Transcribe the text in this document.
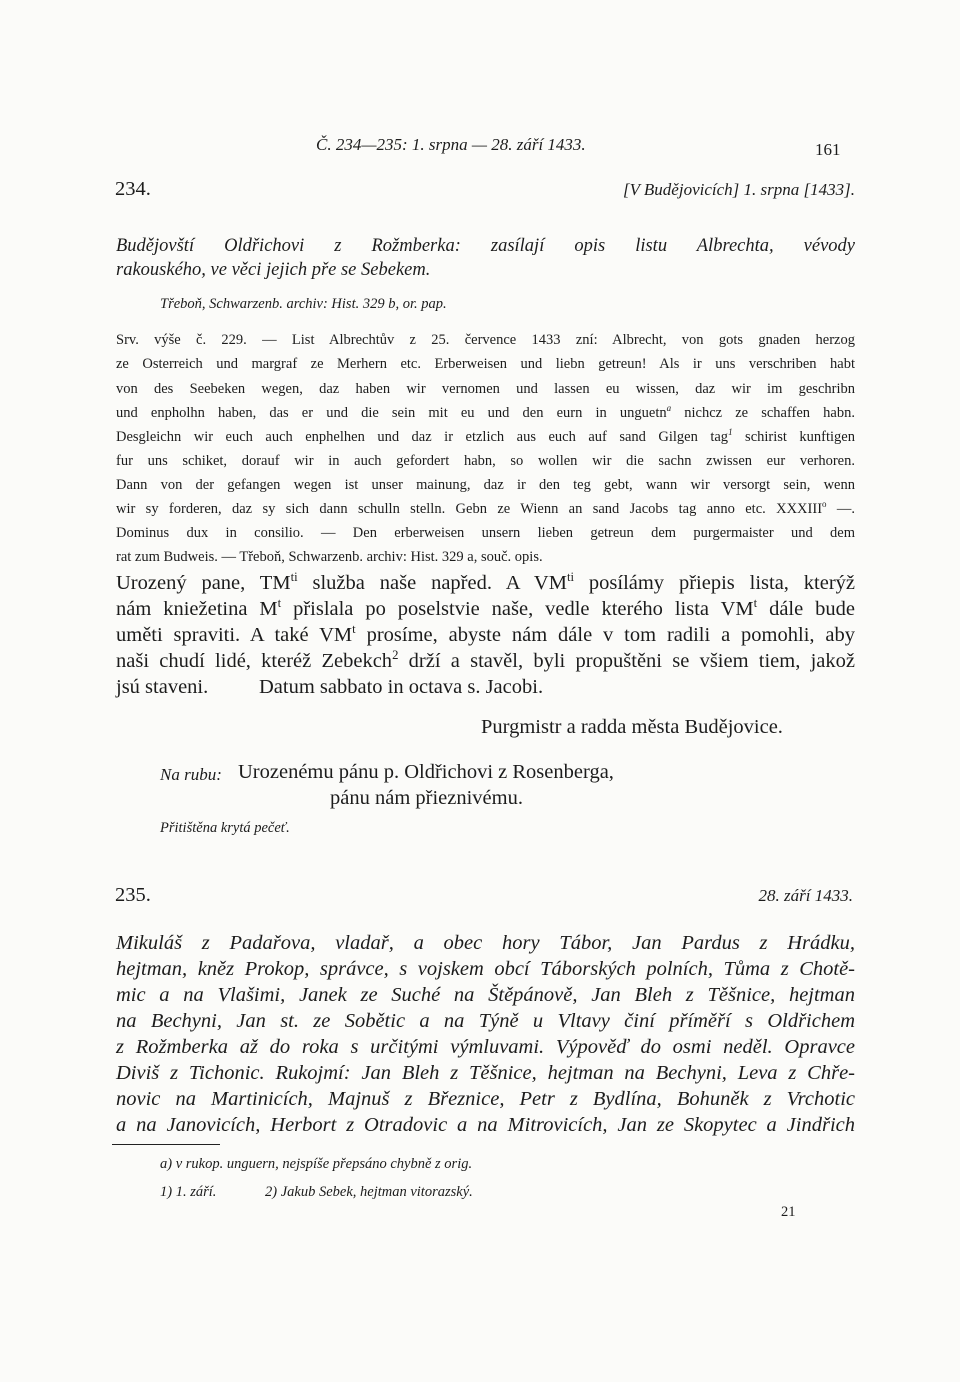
Č. 234—235: 1. srpna — 28. září 1433.	161
234.	[V Budějovicích] 1. srpna [1433].
Budějovští Oldřichovi z Rožmberka: zasílají opis listu Albrechta, vévody
rakouského, ve věci jejich pře se Sebekem.
Třeboň, Schwarzenb. archiv: Hist. 329 b, or. pap.
Srv. výše č. 229. — List Albrechtův z 25. července 1433 zní: Albrecht, von gots gnaden herzog
ze Osterreich und margraf ze Merhern etc. Erberweisen und liebn getreun! Als ir uns verschriben habt
von des Seebeken wegen, daz haben wir vernomen und lassen eu wissen, daz wir im geschribn
und enpholhn haben, das er und die sein mit eu und den eurn in unguetn$^a$ nichcz ze schaffen habn.
Desgleichn wir euch auch enphelhen und daz ir etzlich aus euch auf sand Gilgen tag$^1$ schirist kunftigen
fur uns schiket, dorauf wir in auch gefordert habn, so wollen wir die sachn zwissen eur verhoren.
Dann von der gefangen wegen ist unser mainung, daz ir den teg gebt, wann wir versorgt sein, wenn
wir sy forderen, daz sy sich dann schulln stelln. Gebn ze Wienn an sand Jacobs tag anno etc. XXXIII$^o$ —.
Dominus dux in consilio. — Den erberweisen unsern lieben getreun dem purgermaister und dem
rat zum Budweis. — Třeboň, Schwarzenb. archiv: Hist. 329 a, souč. opis.
Urozený pane, $TM^{ti}$ služba naše napřed. A $VM^{ti}$ posílámy přiepis lista, kterýž
nám kniežetina $M^t$ přislala po poselstvie naše, vedle kterého lista $VM^t$ dále bude
uměti spraviti. A také $VM^t$ prosíme, abyste nám dále v tom radili a pomohli, aby
naši chudí lidé, kteréž Zebekch$^2$ drží a stavěl, byli propuštěni se všiem tiem, jakož
jsú staveni. Datum sabbato in octava s. Jacobi.
Purgmistr a radda města Budějovice.
Na rubu: Urozenému pánu p. Oldřichovi z Rosenberga,
pánu nám přieznivému.
Přitištěna krytá pečeť.
235.	28. září 1433.
Mikuláš z Padařova, vladař, a obec hory Tábor, Jan Pardus z Hrádku,
hejtman, kněz Prokop, správce, s vojskem obcí Táborských polních, Tůma z Chotě-
mic a na Vlašimi, Janek ze Suché na Štěpánově, Jan Bleh z Těšnice, hejtman
na Bechyni, Jan st. ze Sobětic a na Týně u Vltavy činí příměří s Oldřichem
z Rožmberka až do roka s určitými výmluvami. Výpověď do osmi neděl. Opravce
Diviš z Tichonic. Rukojmí: Jan Bleh z Těšnice, hejtman na Bechyni, Leva z Chře-
novic na Martinicích, Majnuš z Březnice, Petr z Bydlína, Bohuněk z Vrchotic
a na Janovicích, Herbort z Otradovic a na Mitrovicích, Jan ze Skopytec a Jindřich
a) v rukop. unguern, nejspíše přepsáno chybně z orig.
1) 1. září.	2) Jakub Sebek, hejtman vitorazský.
21
